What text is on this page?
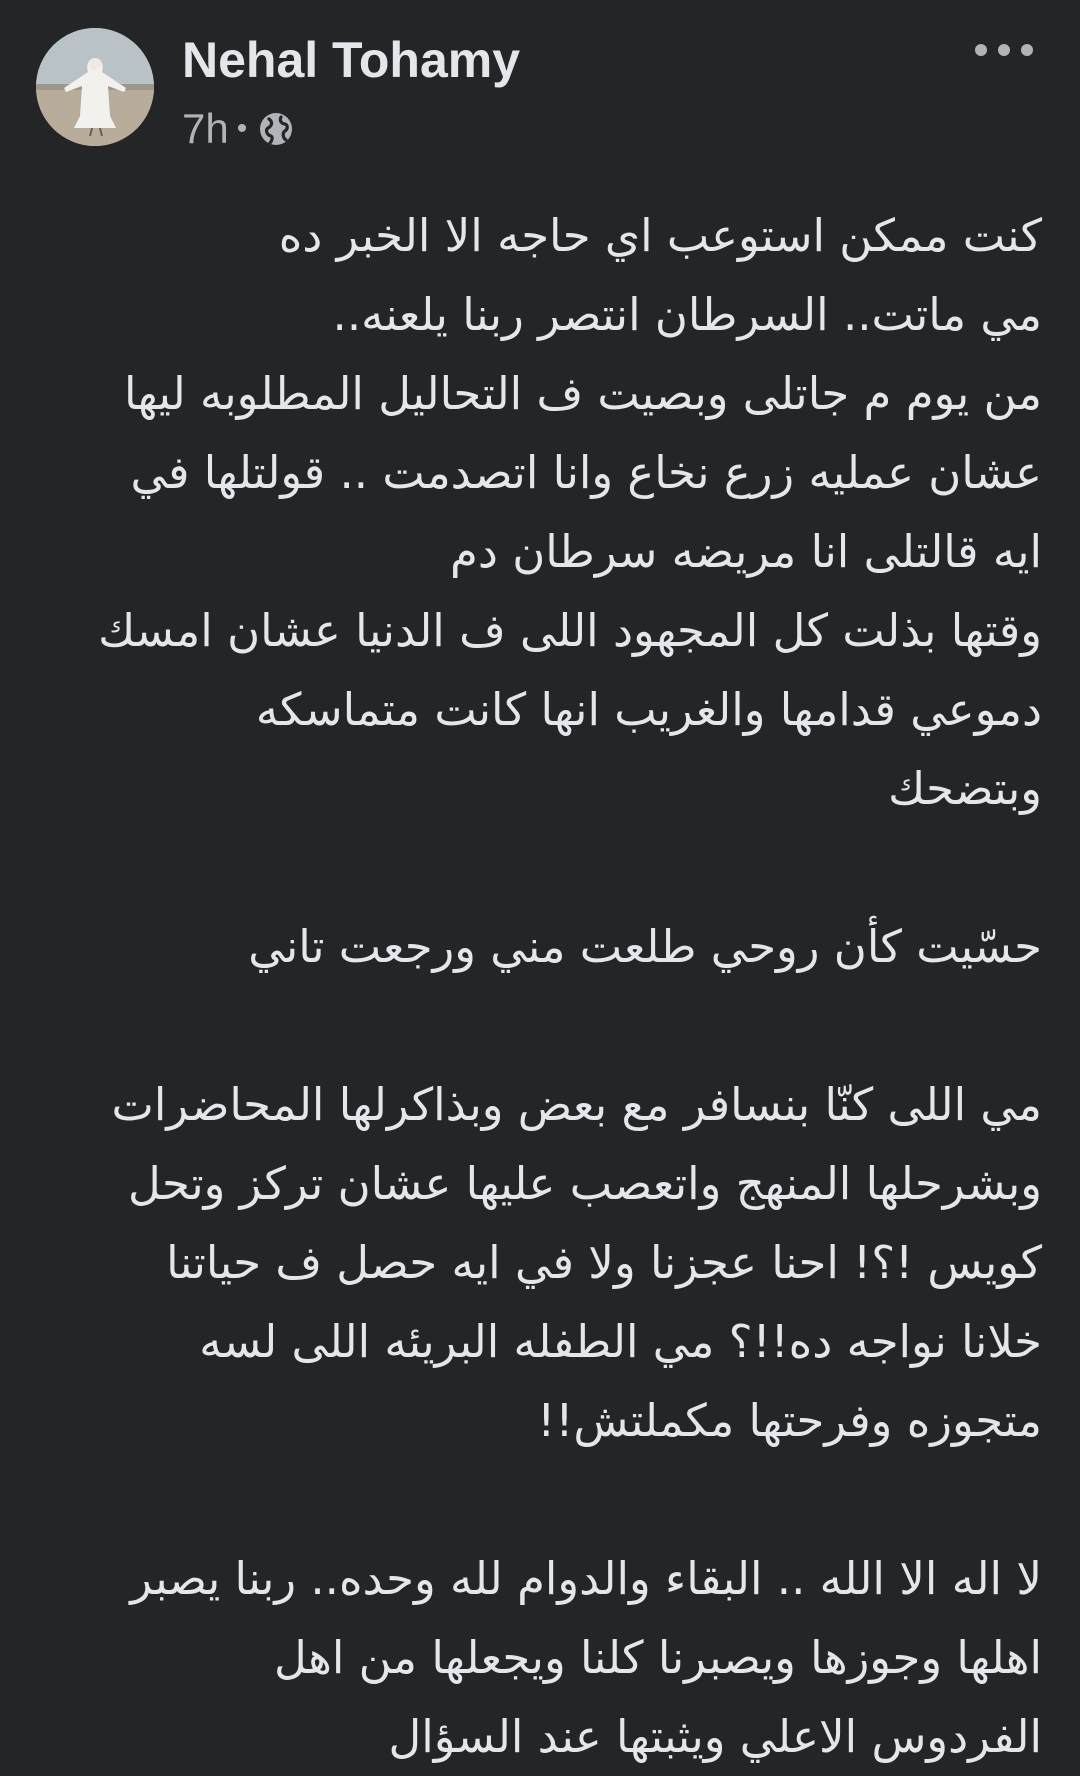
Nehal Tohamy
7h •
كنت ممكن استوعب اي حاجه الا الخبر ده
مي ماتت.. السرطان انتصر ربنا يلعنه..
من يوم م جاتلى وبصيت ف التحاليل المطلوبه ليها
عشان عمليه زرع نخاع وانا اتصدمت .. قولتلها في
ايه قالتلى انا مريضه سرطان دم
وقتها بذلت كل المجهود اللى ف الدنيا عشان امسك
دموعي قدامها والغريب انها كانت متماسكه
وبتضحك
حسّيت كأن روحي طلعت مني ورجعت تاني
مي اللى كنّا بنسافر مع بعض وبذاكرلها المحاضرات
وبشرحلها المنهج واتعصب عليها عشان تركز وتحل
كويس !؟! احنا عجزنا ولا في ايه حصل ف حياتنا
خلانا نواجه ده!!؟ مي الطفله البريئه اللى لسه
متجوزه وفرحتها مكملتش!!
لا اله الا الله .. البقاء والدوام لله وحده.. ربنا يصبر
اهلها وجوزها ويصبرنا كلنا ويجعلها من اهل
الفردوس الاعلي ويثبتها عند السؤال
